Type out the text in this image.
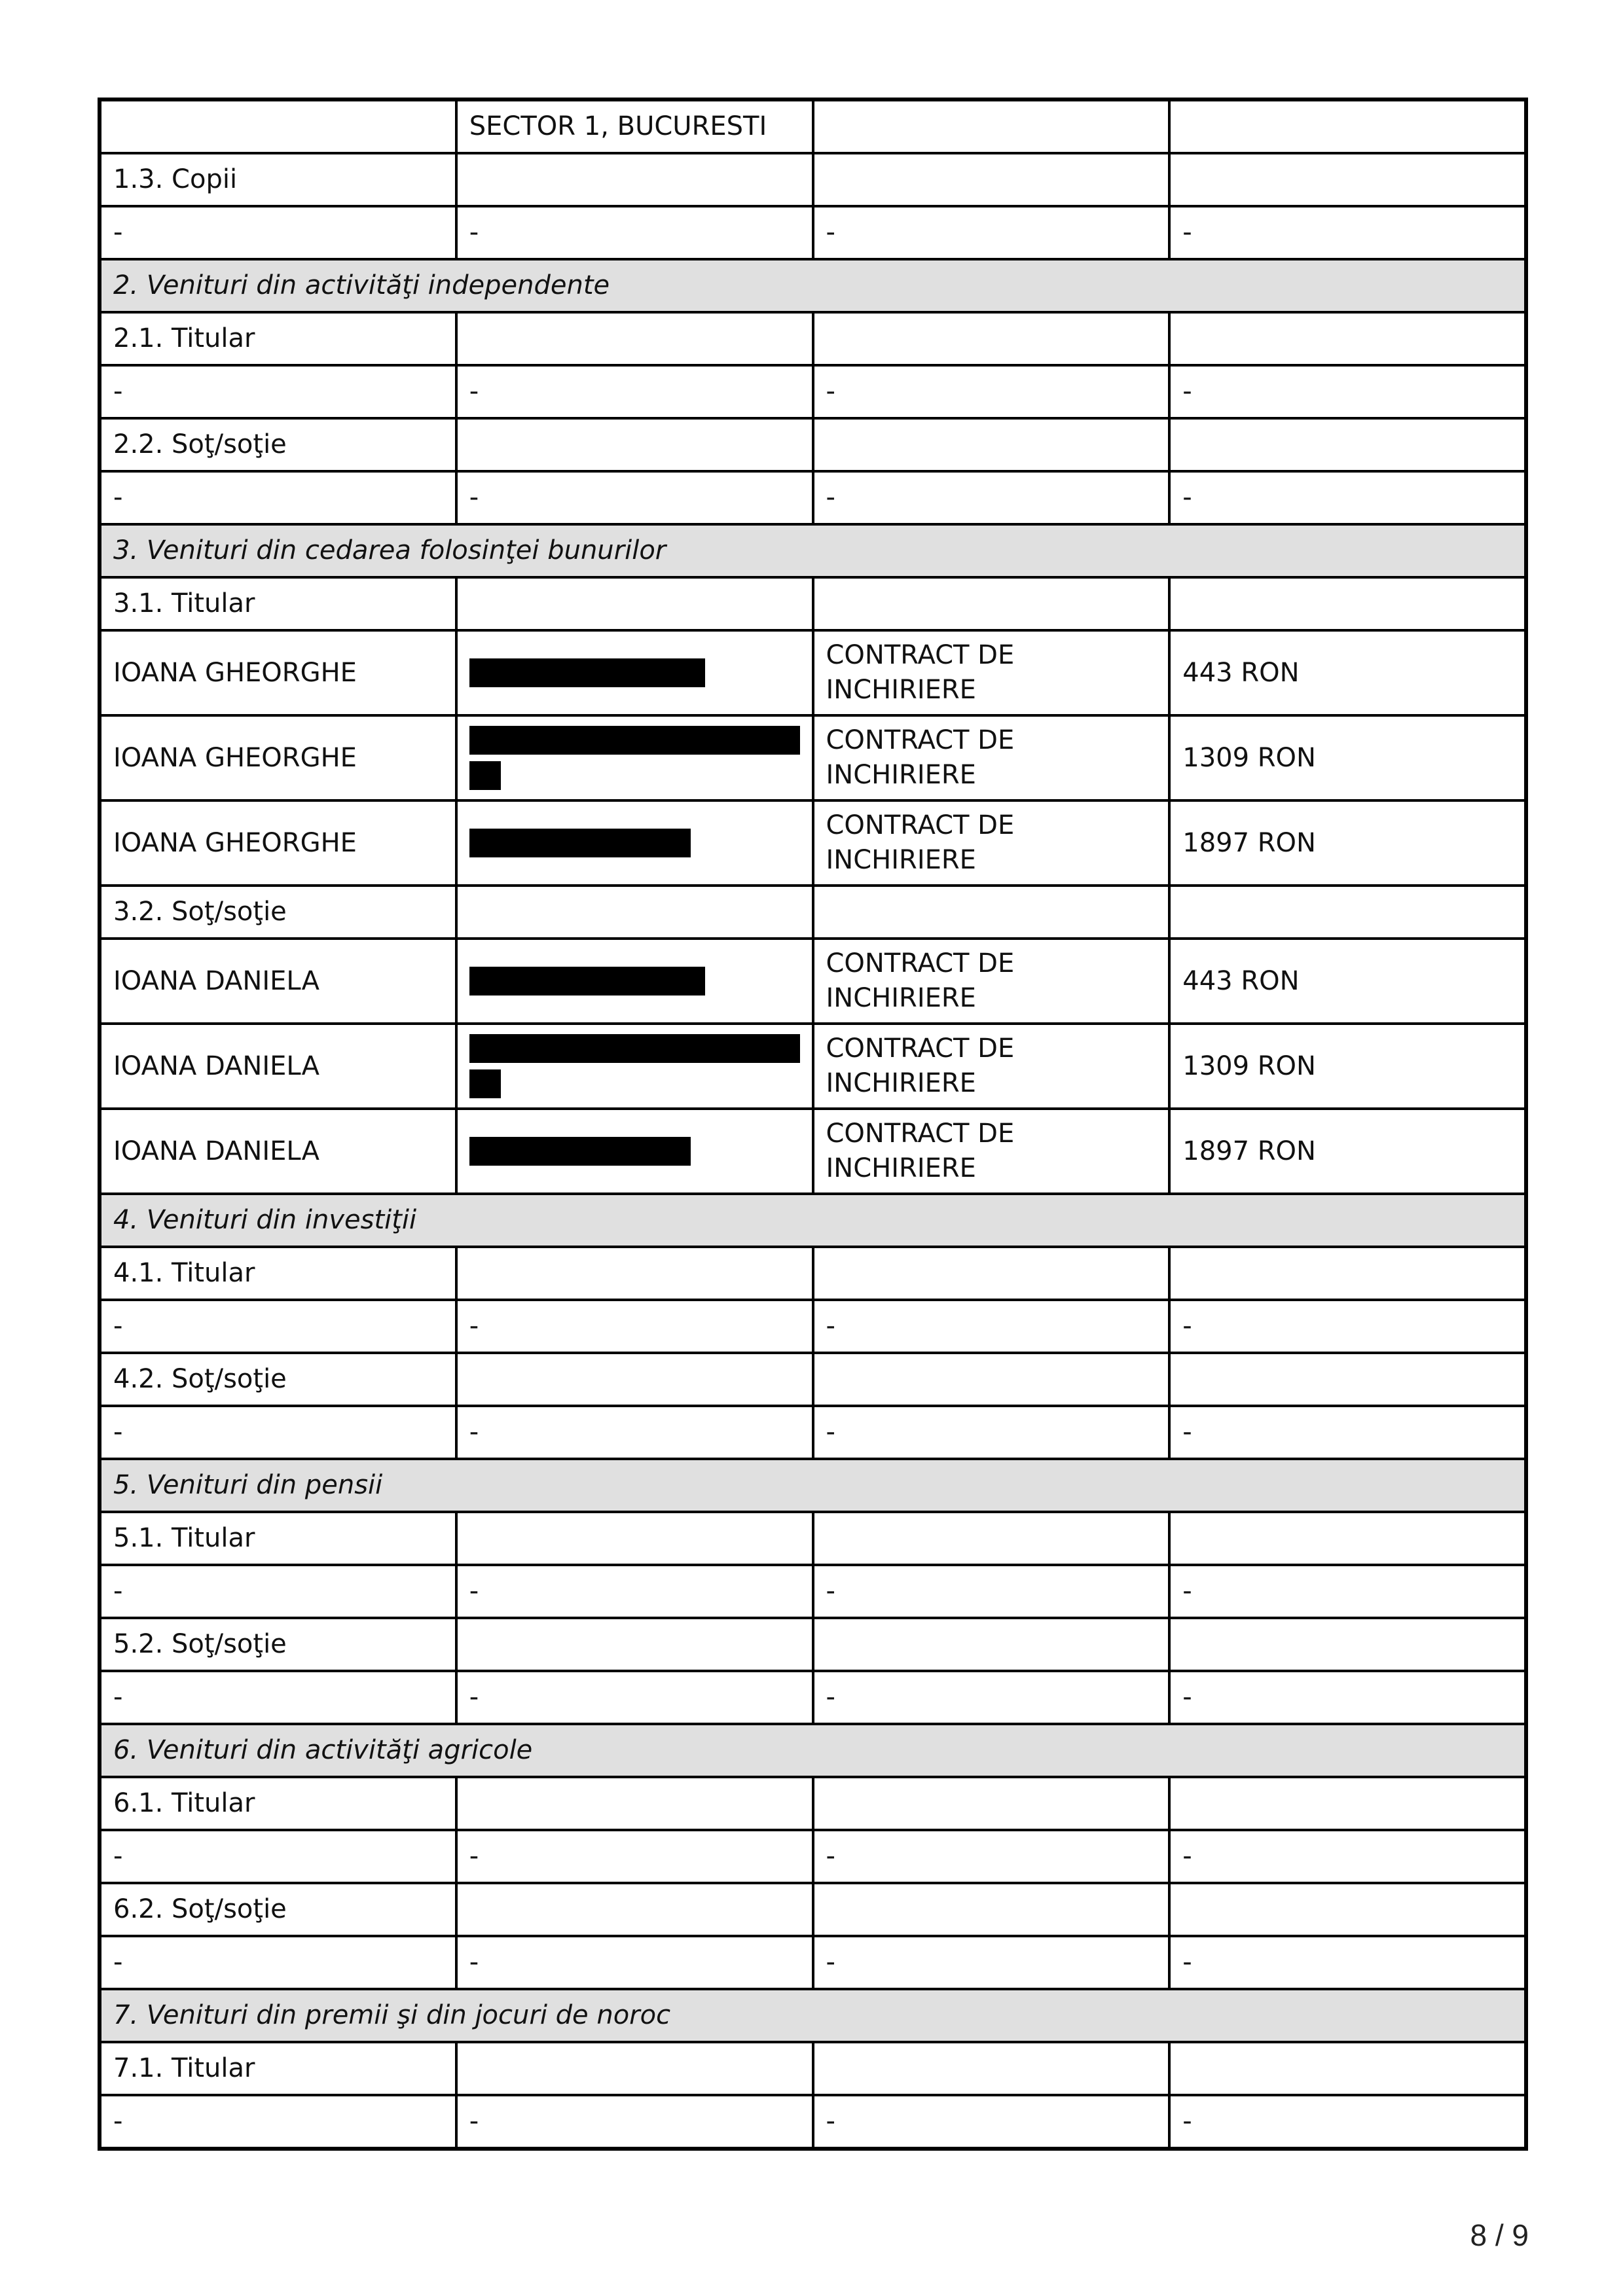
	SECTOR 1, BUCURESTI		
1.3. Copii			
-	-	-	-
2. Venituri din activităţi independente			
2.1. Titular			
-	-	-	-
2.2. Soţ/soţie			
-	-	-	-
3. Venituri din cedarea folosinţei bunurilor			
3.1. Titular			
IOANA GHEORGHE		CONTRACT DE INCHIRIERE	443 RON
IOANA GHEORGHE		CONTRACT DE INCHIRIERE	1309 RON
IOANA GHEORGHE		CONTRACT DE INCHIRIERE	1897 RON
3.2. Soţ/soţie			
IOANA DANIELA		CONTRACT DE INCHIRIERE	443 RON
IOANA DANIELA		CONTRACT DE INCHIRIERE	1309 RON
IOANA DANIELA		CONTRACT DE INCHIRIERE	1897 RON
4. Venituri din investiţii			
4.1. Titular			
-	-	-	-
4.2. Soţ/soţie			
-	-	-	-
5. Venituri din pensii			
5.1. Titular			
-	-	-	-
5.2. Soţ/soţie			
-	-	-	-
6. Venituri din activităţi agricole			
6.1. Titular			
-	-	-	-
6.2. Soţ/soţie			
-	-	-	-
7. Venituri din premii şi din jocuri de noroc			
7.1. Titular			
-	-	-	-
8 / 9
